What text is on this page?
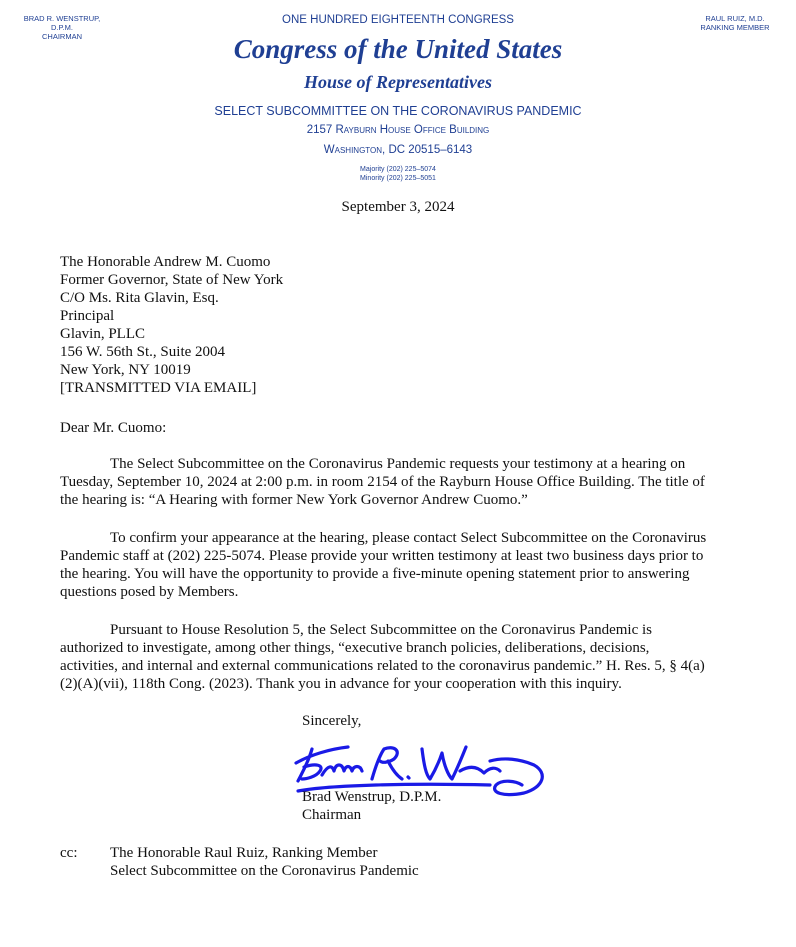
BRAD R. WENSTRUP, D.P.M.
CHAIRMAN
RAUL RUIZ, M.D.
RANKING MEMBER
ONE HUNDRED EIGHTEENTH CONGRESS
Congress of the United States
House of Representatives
SELECT SUBCOMMITTEE ON THE CORONAVIRUS PANDEMIC
2157 Rayburn House Office Building
Washington, DC 20515–6143
Majority (202) 225–5074
Minority (202) 225–5051
September 3, 2024
The Honorable Andrew M. Cuomo
Former Governor, State of New York
C/O Ms. Rita Glavin, Esq.
Principal
Glavin, PLLC
156 W. 56th St., Suite 2004
New York, NY 10019
[TRANSMITTED VIA EMAIL]
Dear Mr. Cuomo:

The Select Subcommittee on the Coronavirus Pandemic requests your testimony at a hearing on Tuesday, September 10, 2024 at 2:00 p.m. in room 2154 of the Rayburn House Office Building. The title of the hearing is: “A Hearing with former New York Governor Andrew Cuomo.”

To confirm your appearance at the hearing, please contact Select Subcommittee on the Coronavirus Pandemic staff at (202) 225-5074. Please provide your written testimony at least two business days prior to the hearing. You will have the opportunity to provide a five-minute opening statement prior to answering questions posed by Members.

Pursuant to House Resolution 5, the Select Subcommittee on the Coronavirus Pandemic is authorized to investigate, among other things, “executive branch policies, deliberations, decisions, activities, and internal and external communications related to the coronavirus pandemic.” H. Res. 5, § 4(a)(2)(A)(vii), 118th Cong. (2023). Thank you in advance for your cooperation with this inquiry.

Sincerely,
Brad Wenstrup, D.P.M.
Chairman
cc: The Honorable Raul Ruiz, Ranking Member
Select Subcommittee on the Coronavirus Pandemic
